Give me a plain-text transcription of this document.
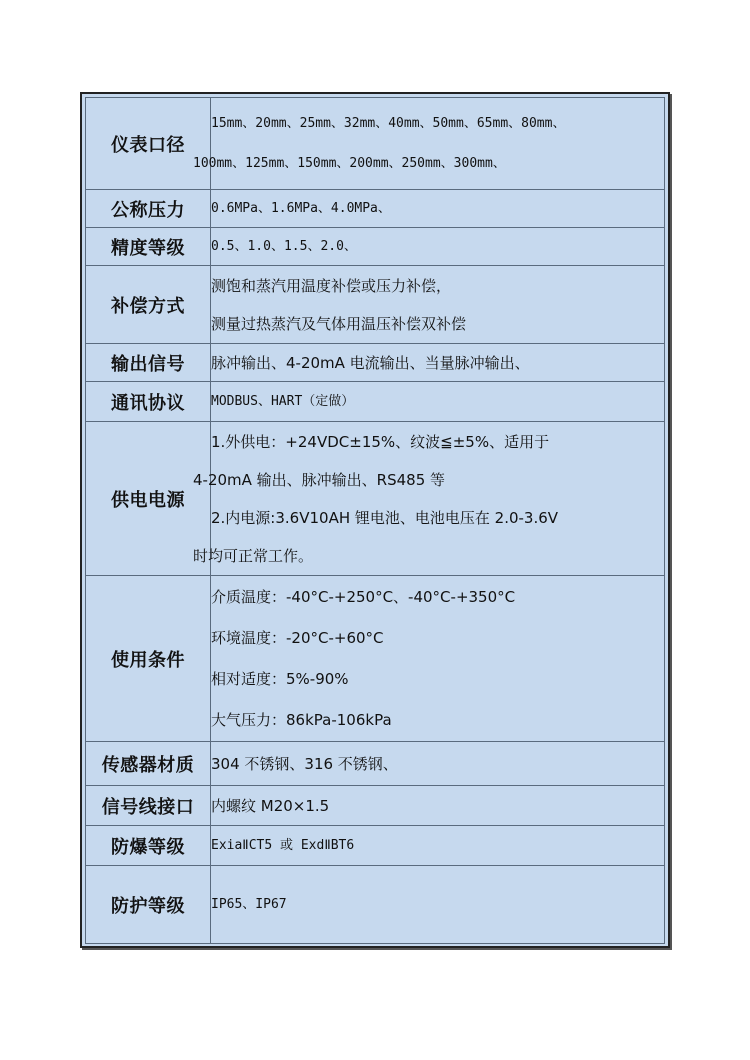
仪表口径	15mm、20mm、25mm、32mm、40mm、50mm、65mm、80mm、
100mm、125mm、150mm、200mm、250mm、300mm、

公称压力	0.6MPa、1.6MPa、4.0MPa、
精度等级	0.5、1.0、1.5、2.0、
补偿方式	测饱和蒸汽用温度补偿或压力补偿，
测量过热蒸汽及气体用温压补偿双补偿

输出信号	脉冲输出、4-20mA 电流输出、当量脉冲输出、
通讯协议	MODBUS、HART（定做）
供电电源	1.外供电：+24VDC±15%、纹波≦±5%、适用于
4-20mA 输出、脉冲输出、RS485 等
2.内电源:3.6V10AH 锂电池、电池电压在 2.0-3.6V
时均可正常工作。

使用条件	介质温度：-40°C-+250°C、-40°C-+350°C
环境温度：-20°C-+60°C
相对适度：5%-90%
大气压力：86kPa-106kPa

传感器材质	304 不锈钢、316 不锈钢、
信号线接口	内螺纹 M20×1.5
防爆等级	ExiaⅡCT5 或 ExdⅡBT6
防护等级	IP65、IP67
